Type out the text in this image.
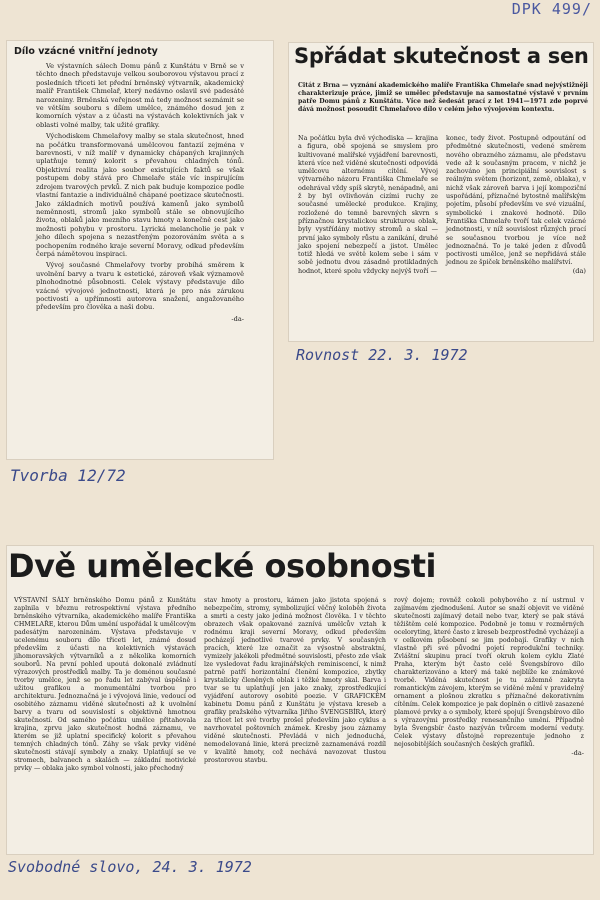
DPK 499/
Dílo vzácné vnitřní jednoty

Ve výstavních sálech Domu pánů z Kunštátu v Brně se v těchto dnech představuje velkou souborovou výstavou prací z posledních třiceti let přední brněnský výtvarník, akademický malíř František Chmelař, který nedávno oslavil své padesáté narozeniny. Brněnská veřejnost má tedy možnost seznámit se ve větším souboru s dílem umělce, známého dosud jen z komorních výstav a z účasti na výstavách kolektivních jak v oblasti volné malby, tak užité grafiky.

Východiskem Chmelařovy malby se stala skutečnost, hned na počátku transformovaná umělcovou fantazií zejména v barevnosti, v níž malíř v dynamicky chápaných krajinných uplatňuje temný kolorit s převahou chladných tónů. Objektivní realita jako soubor existujících faktů se však postupem doby stává pro Chmelaře stále víc inspirujícím zdrojem tvarových prvků. Z nich pak buduje kompozice podle vlastní fantazie a individuálně chápané poetizace skutečnosti. Jako základních motivů používá kamenů jako symbolů neměnnosti, stromů jako symbolů stále se obnovujícího života, oblaků jako mezního stavu hmoty a konečně cest jako možnosti pohybu v prostoru. Lyrická melancholie je pak v jeho dílech spojena s nezastřeným pozorováním světa a s pochopením rodného kraje severní Moravy, odkud především čerpá námětovou inspiraci.

Vývoj současné Chmelařovy tvorby probíhá směrem k uvolnění barvy a tvaru k estetické, zároveň však významově plnohodnotné působnosti. Celek výstavy představuje dílo vzácné vývojové jednotnosti, která je pro nás zárukou poctivosti a upřímnosti autorova snažení, angažovaného především pro člověka a naši dobu.

-da-
Tvorba 12/72
Spřádat skutečnost a sen

Citát z Brna — vyznání akademického malíře Františka Chmelaře snad nejvýstižněji charakterizuje práce, jimiž se umělec představuje na samostatné výstavě v prvním patře Domu pánů z Kunštátu. Více než šedesát prací z let 1941—1971 zde poprvé dává možnost posoudit Chmelařovo dílo v celém jeho vývojovém kontextu.

Na počátku byla dvě východiska — krajina a figura, obě spojená se smyslem pro kultivované malířské vyjádření barevnosti, která více než viděné skutečnosti odpovídá umělcovu alternému cítění. Vývoj výtvarného názoru Františka Chmelaře se odehrával vždy spíš skrytě, nenápadně, ani ž by byl ovlivňován cizími ruchy ze současné umělecké produkce. Krajiny, rozložené do temně barevných skvrn s příznačnou krystalickou strukturou oblak, byly vystřídány motivy stromů a skal — první jako symboly růstu a zanikání, druhé jako spojení nebezpečí a jistot. Umělec totiž hledá ve světě kolem sebe i sám v sobě jednotu dvou zásadně protikladných hodnot, které spolu vždycky nejvýš tvoří —

konec, tedy život. Postupně odpoutání od předmětné skutečnosti, vedené směrem nového obrazného záznamu, ale představu vede až k současným pracem, v nichž je zachováno jen principiální souvislost s reálným světem (horizont, země, oblaka), v nichž však zároveň barva i její kompoziční uspořádání, příznačné bytostně malířským pojetím, působí především ve své vizuální, symbolické i znakové hodnotě. Dílo Františka Chmelaře tvoří tak celek vzácné jednotnosti, v níž souvislost různých prací se současnou tvorbou je více než jednoznačná. To je také jeden z důvodů poctivosti umělce, jenž se nepřidává stále jednou ze špiček brněnského malířství.

(da)
Rovnost 22. 3. 1972
Dvě umělecké osobnosti

VÝSTAVNÍ SÁLY brněnského Domu pánů z Kunštátu zaplnila v březnu retrospektivní výstava předního brněnského výtvarníka, akademického malíře Františka CHMELAŘE, kterou Dům umění uspořádal k umělcovým padesátým narozeninám. Výstava představuje v ucelenému souboru dílo třiceti let, známé dosud především z účasti na kolektivních výstavách jihomoravských výtvarníků a z několika komorních souborů. Na první pohled upoutá dokonalé zvládnutí výrazových prostředků malby. Ta je doménou současné tvorby umělce, jenž se po řadu let zabýval úspěšně i užitou grafikou a monumentální tvorbou pro architekturu. Jednoznačná je i vývojová linie, vedoucí od osobitého záznamu viděné skutečnosti až k uvolnění barvy a tvaru od souvislostí s objektivně hmotnou skutečností. Od samého počátku umělce přitahovala krajina, zprvu jako skutečnost hodná záznamu, ve kterém se již uplatní specifický kolorit s převahou temných chladných tónů. Záhy se však prvky viděné skutečnosti stávají symboly a znaky. Uplatňují se ve stromech, balvanech a skalách — základní motivické prvky — oblaka jako symbol volnosti, jako přechodný

stav hmoty a prostoru, kámen jako jistota spojená s nebezpečím, stromy, symbolizující věčný koloběh života a smrti a cesty jako jediná možnost člověka. I v těchto obrazech však opakované zaznívá umělcův vztah k rodnému kraji severní Moravy, odkud především pocházejí jednotlivé tvarové prvky. V současných pracích, které lze označit za výsostně abstraktní, vymizely jakékoli předmětné souvislosti, přesto zde však lze vysledovat řadu krajinářských reminiscencí, k nimž patrně patří horizontální členění kompozice, zbytky krystalicky členěných oblak i těžké hmoty skal. Barva i tvar se tu uplatňují jen jako znaky, zprostředkující vyjádření autorovy osobité poezie. V GRAFICKÉM kabinetu Domu pánů z Kunštátu je výstava kreseb a grafiky pražského výtvarníka Jiřího ŠVENGSBÍRA, který za třicet let své tvorby prošel především jako cyklus a navrhovatel poštovních známek. Kresby jsou záznamy viděné skutečnosti. Převládá v nich jednoduchá, nemodelovaná linie, která precizně zaznamenává rozdíl v kvalitě hmoty, což nechává navozovat tlustou prostorovou stavbu.

rový dojem; rovněž cokoli pohybového z ní ustrnul v zajímavém zjednodušení. Autor se snaží objevit ve viděné skutečnosti zajímavý detail nebo tvar, který se pak stává těžištěm celé kompozice. Podobně je tomu v rozměrných oceloryting, které často z kreseb bezprostředně vycházejí a v celkovém působení se jim podobají. Grafiky v nich vlastně při své původní pojetí reprodukční techniky. Zvláštní skupinu prací tvoří okruh kolem cyklu Zlaté Praha, kterým být často celé Švengsbírovo dílo charakterizováno a který má také nejblíže ke známkové tvorbě. Viděná skutečnost je tu zážemně zakryta romantickým závojem, kterým se viděné mění v pravidelný ornament a plošnou zkratku s příznačné dekorativním cítěním. Celek kompozice je pak doplněn o citlivě zasazené plamové prvky a o symboly, které spojují Švengsbírovo dílo s výrazovými prostředky renesančního umění. Případně byla Švengsbír často nazýván tvůrcem moderní veduty. Celek výstavy důstojně reprezentuje jednoho z nejosobitějších současných českých grafiků.

-da-
Svobodné slovo, 24. 3. 1972
